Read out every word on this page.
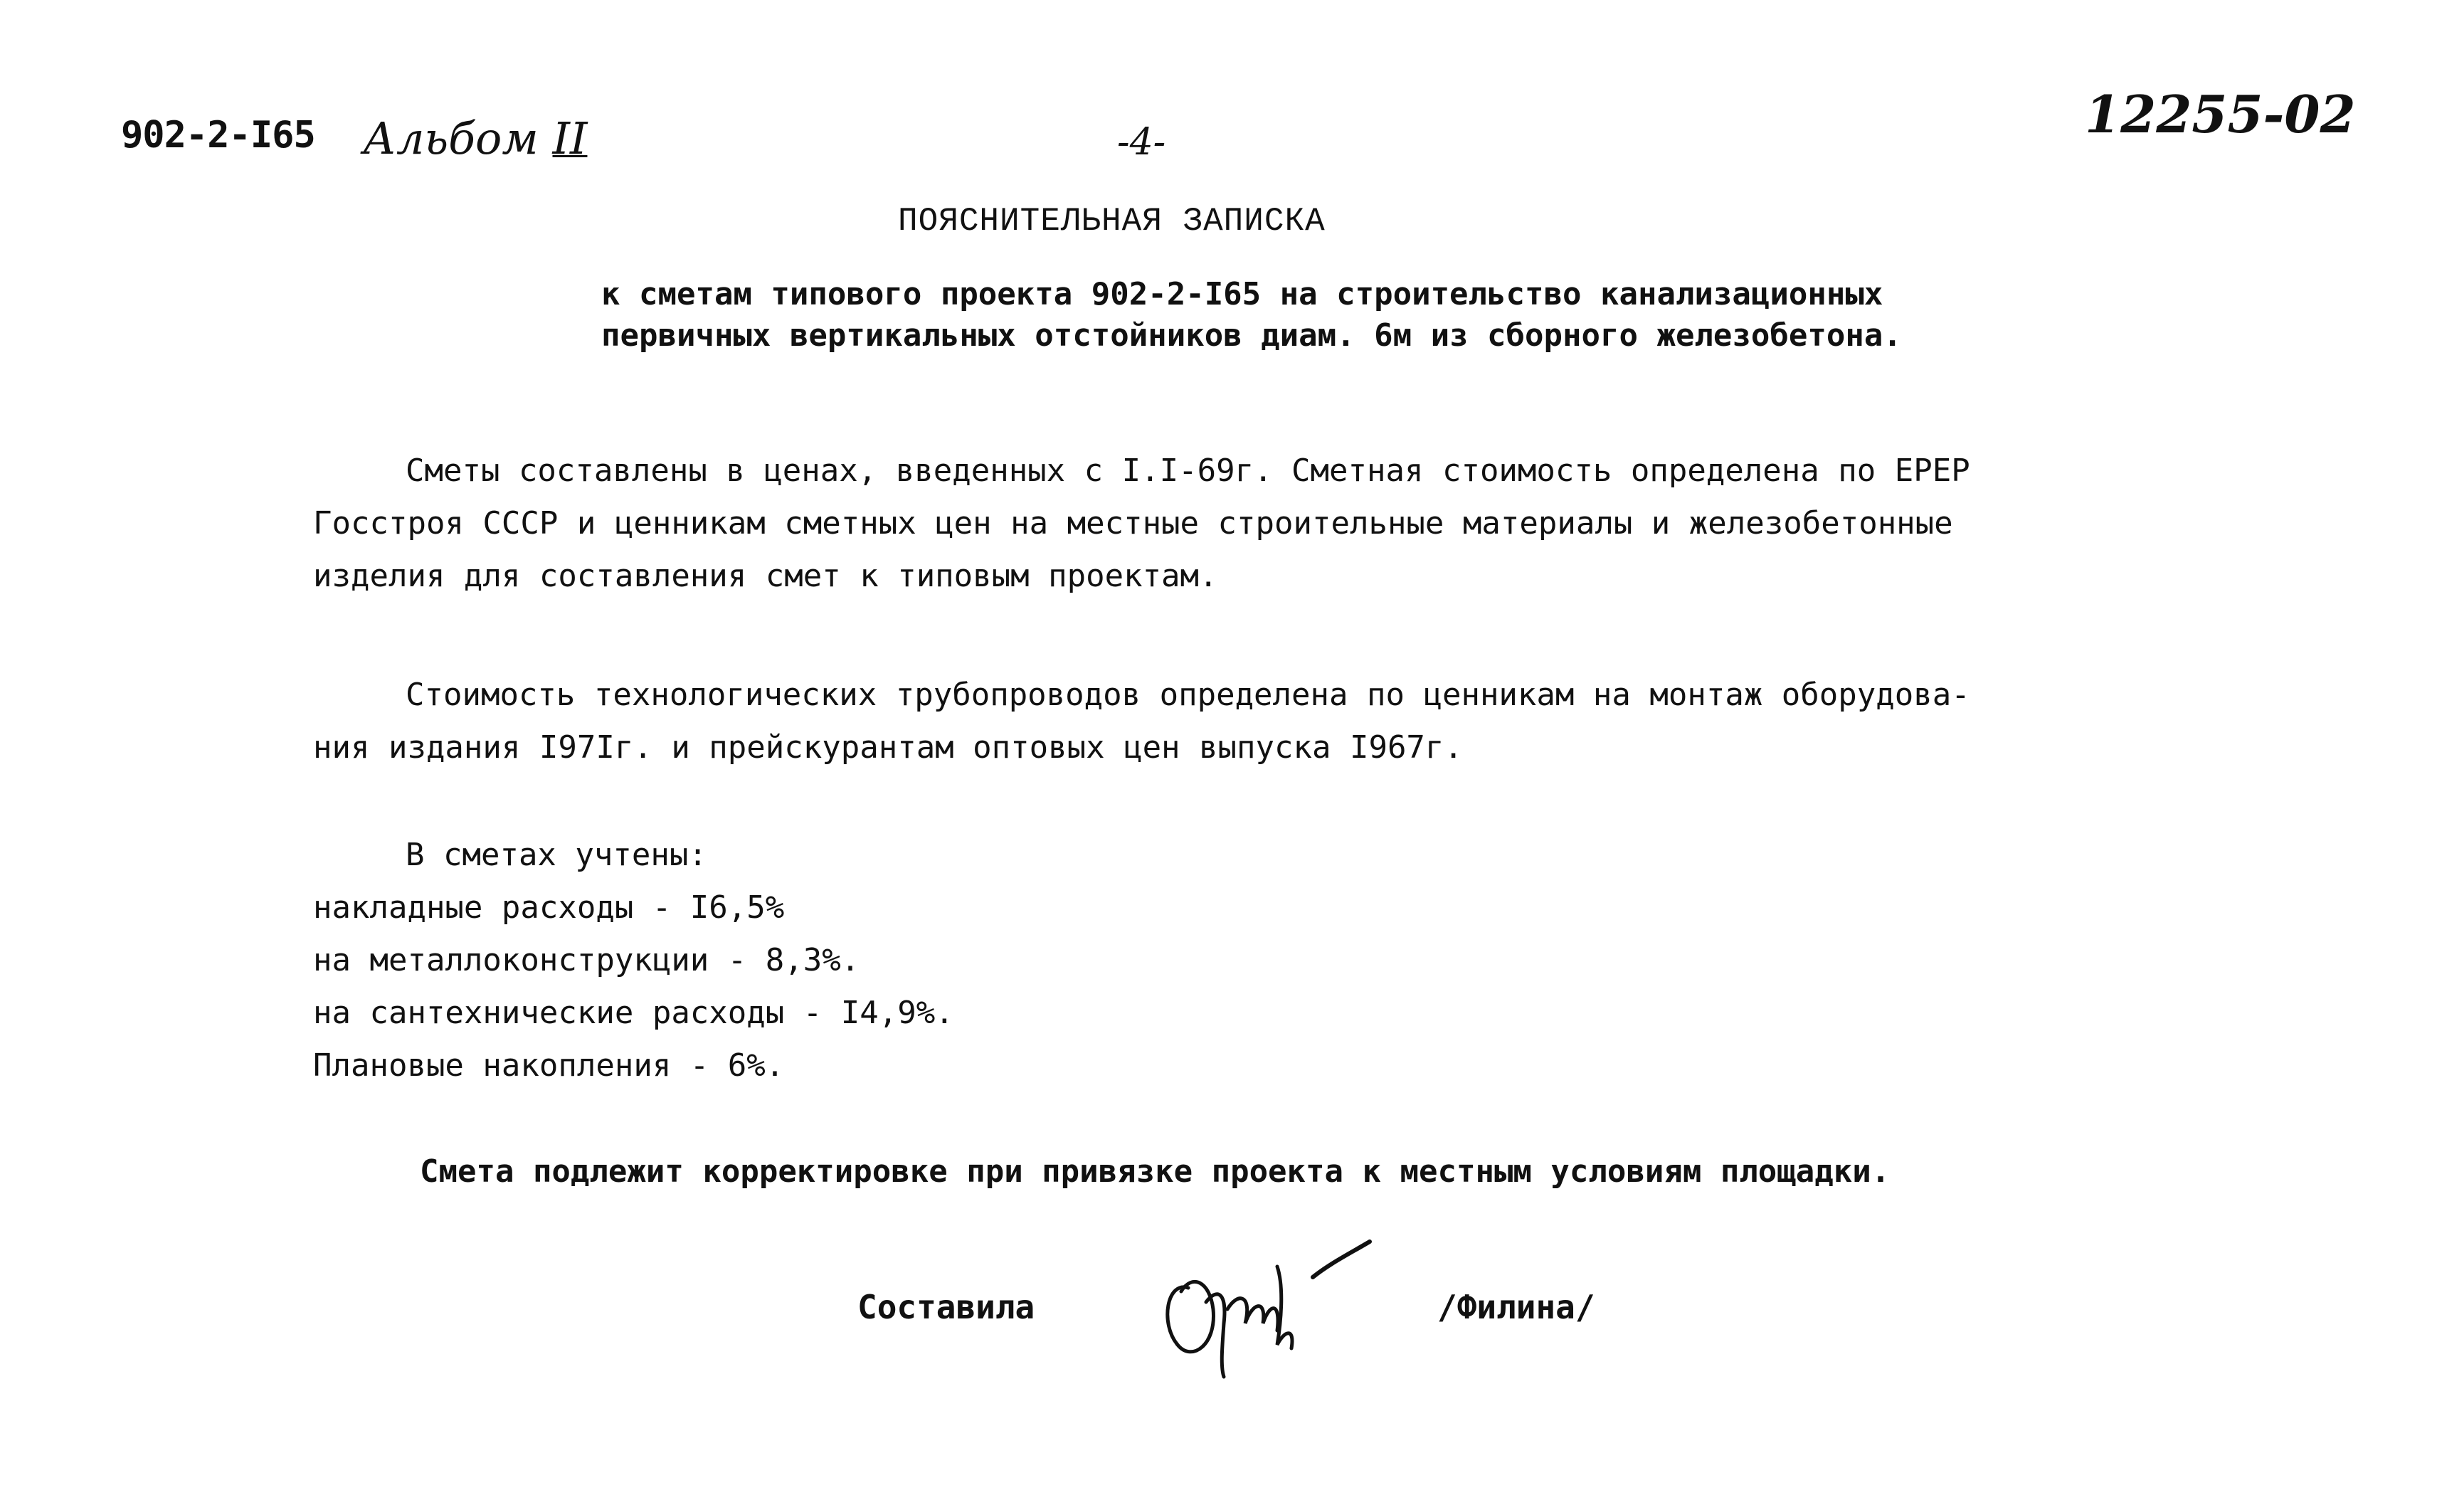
902-2-I65 Альбом II	-4-	12255-02
ПОЯСНИТЕЛЬНАЯ ЗАПИСКА
к сметам типового проекта 902-2-I65 на строительство канализационных
первичных вертикальных отстойников диам. 6м из сборного железобетона.
Сметы составлены в ценах, введенных с I.I-69г. Сметная стоимость определена по ЕРЕР
Госстроя СССР и ценникам сметных цен на местные строительные материалы и железобетонные
изделия для составления смет к типовым проектам.
Стоимость технологических трубопроводов определена по ценникам на монтаж оборудова-
ния издания I97Iг. и прейскурантам оптовых цен выпуска I967г.
В сметах учтены:
накладные расходы - I6,5%
на металлоконструкции - 8,3%.
на сантехнические расходы - I4,9%.
Плановые накопления - 6%.
Смета подлежит корректировке при привязке проекта к местным условиям площадки.
Составила	/Филина/
